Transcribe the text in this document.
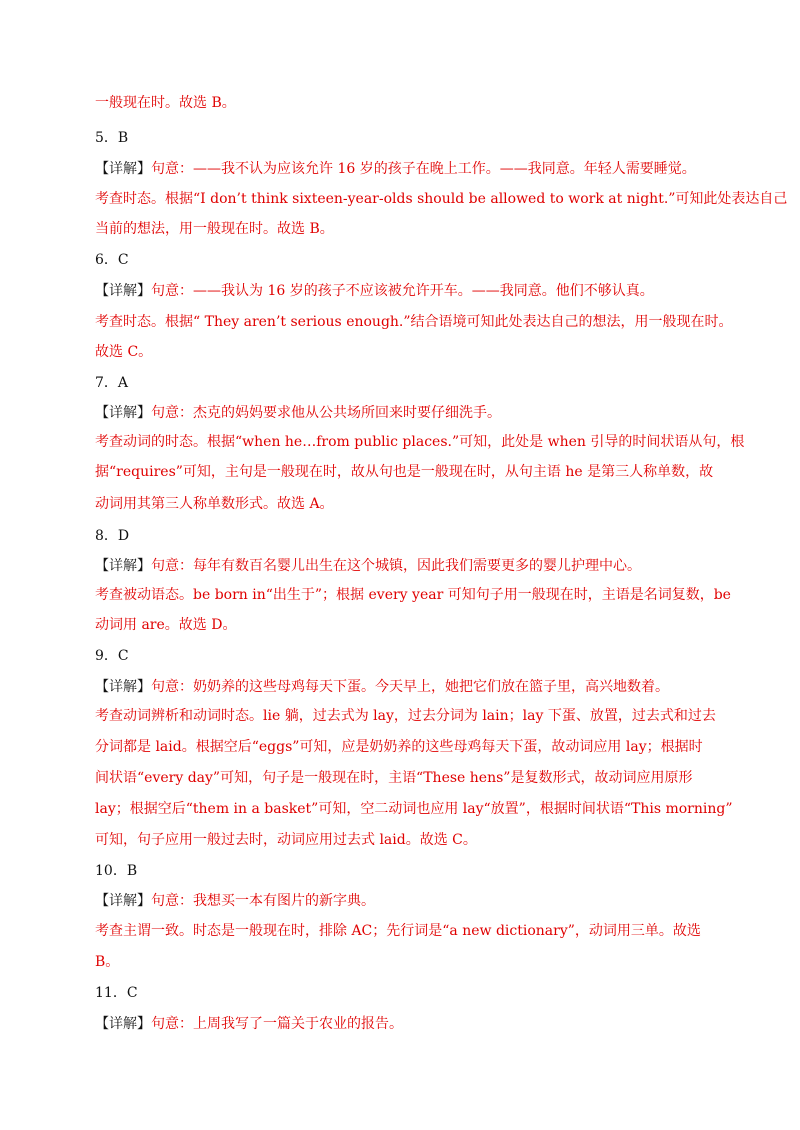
一般现在时。故选 B。
5．B
【详解】句意：——我不认为应该允许 16 岁的孩子在晚上工作。——我同意。年轻人需要睡觉。
考查时态。根据“I don’t think sixteen-year-olds should be allowed to work at night.”可知此处表达自己
当前的想法，用一般现在时。故选 B。
6．C
【详解】句意：——我认为 16 岁的孩子不应该被允许开车。——我同意。他们不够认真。
考查时态。根据“ They aren’t serious enough.”结合语境可知此处表达自己的想法，用一般现在时。
故选 C。
7．A
【详解】句意：杰克的妈妈要求他从公共场所回来时要仔细洗手。
考查动词的时态。根据“when he…from public places.”可知，此处是 when 引导的时间状语从句，根
据“requires”可知，主句是一般现在时，故从句也是一般现在时，从句主语 he 是第三人称单数，故
动词用其第三人称单数形式。故选 A。
8．D
【详解】句意：每年有数百名婴儿出生在这个城镇，因此我们需要更多的婴儿护理中心。
考查被动语态。be born in“出生于”；根据 every year 可知句子用一般现在时，主语是名词复数，be
动词用 are。故选 D。
9．C
【详解】句意：奶奶养的这些母鸡每天下蛋。今天早上，她把它们放在篮子里，高兴地数着。
考查动词辨析和动词时态。lie 躺，过去式为 lay，过去分词为 lain；lay 下蛋、放置，过去式和过去
分词都是 laid。根据空后“eggs”可知，应是奶奶养的这些母鸡每天下蛋，故动词应用 lay；根据时
间状语“every day”可知，句子是一般现在时，主语“These hens”是复数形式，故动词应用原形
lay；根据空后“them in a basket”可知，空二动词也应用 lay“放置”，根据时间状语“This morning”
可知，句子应用一般过去时，动词应用过去式 laid。故选 C。
10．B
【详解】句意：我想买一本有图片的新字典。
考查主谓一致。时态是一般现在时，排除 AC；先行词是“a new dictionary”，动词用三单。故选
B。
11．C
【详解】句意：上周我写了一篇关于农业的报告。
